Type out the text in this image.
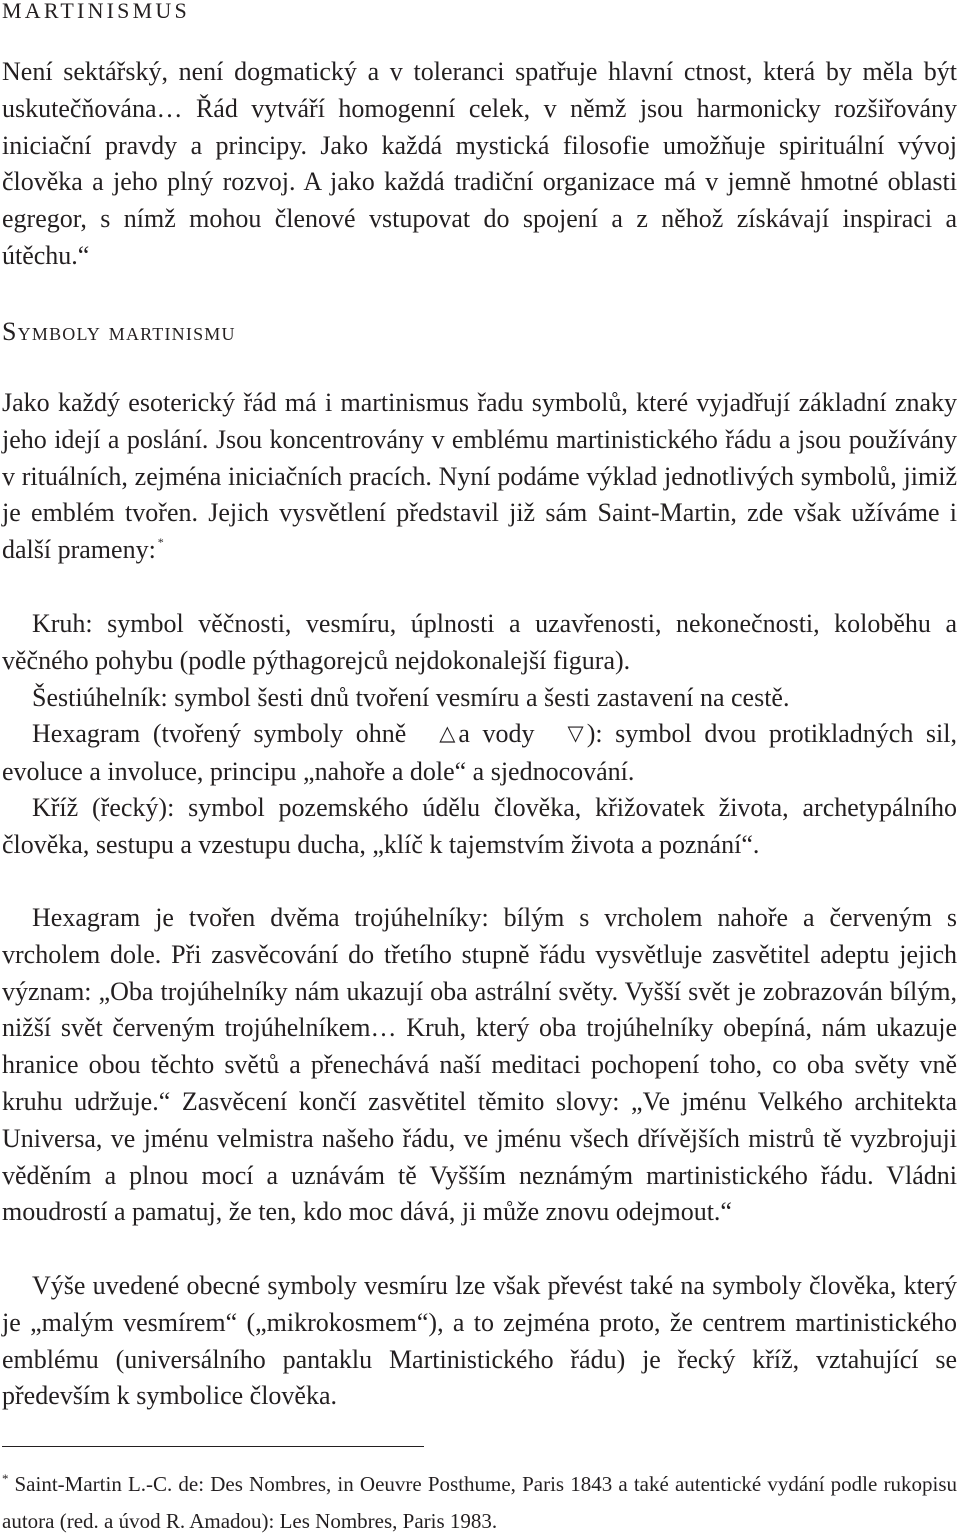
MARTINISMUS

Není sektářský, není dogmatický a v toleranci spatřuje hlavní ctnost, která by měla být uskutečňována… Řád vytváří homogenní celek, v němž jsou harmonicky rozšiřovány iniciační pravdy a principy. Jako každá mystická filosofie umožňuje spirituální vývoj člověka a jeho plný rozvoj. A jako každá tradiční organizace má v jemně hmotné oblasti egregor, s nímž mohou členové vstupovat do spojení a z něhož získávají inspiraci a útěchu.“

Symboly martinismu

Jako každý esoterický řád má i martinismus řadu symbolů, které vyjadřují základní znaky jeho idejí a poslání. Jsou koncentrovány v emblému martinistického řádu a jsou používány v rituálních, zejména iniciačních pracích. Nyní podáme výklad jednotlivých symbolů, jimiž je emblém tvořen. Jejich vysvětlení představil již sám Saint-Martin, zde však užíváme i další prameny: *

Kruh: symbol věčnosti, vesmíru, úplnosti a uzavřenosti, nekonečnosti, koloběhu a věčného pohybu (podle pýthagorejců nejdokonalejší figura).

Šestiúhelník: symbol šesti dnů tvoření vesmíru a šesti zastavení na cestě.

Hexagram (tvořený symboly ohně △ a vody ▽ ): symbol dvou protikladných sil, evoluce a involuce, principu „nahoře a dole“ a sjednocování.

Kříž (řecký): symbol pozemského údělu člověka, křižovatek života, archetypálního člověka, sestupu a vzestupu ducha, „klíč k tajemstvím života a poznání“.

Hexagram je tvořen dvěma trojúhelníky: bílým s vrcholem nahoře a červeným s vrcholem dole. Při zasvěcování do třetího stupně řádu vysvětluje zasvětitel adeptu jejich význam: „Oba trojúhelníky nám ukazují oba astrální světy. Vyšší svět je zobrazován bílým, nižší svět červeným trojúhelníkem… Kruh, který oba trojúhelníky obepíná, nám ukazuje hranice obou těchto světů a přenechává naší meditaci pochopení toho, co oba světy vně kruhu udržuje.“ Zasvěcení končí zasvětitel těmito slovy: „Ve jménu Velkého architekta Universa, ve jménu velmistra našeho řádu, ve jménu všech dřívějších mistrů tě vyzbrojuji věděním a plnou mocí a uznávám tě Vyšším neznámým martinistického řádu. Vládni moudrostí a pamatuj, že ten, kdo moc dává, ji může znovu odejmout.“

Výše uvedené obecné symboly vesmíru lze však převést také na symboly člověka, který je „malým vesmírem“ („mikrokosmem“), a to zejména proto, že centrem martinistického emblému (universálního pantaklu Martinistického řádu) je řecký kříž, vztahující se především k symbolice člověka.

* Saint-Martin L.-C. de: Des Nombres, in Oeuvre Posthume, Paris 1843 a také autentické vydání podle rukopisu autora (red. a úvod R. Amadou): Les Nombres, Paris 1983.
